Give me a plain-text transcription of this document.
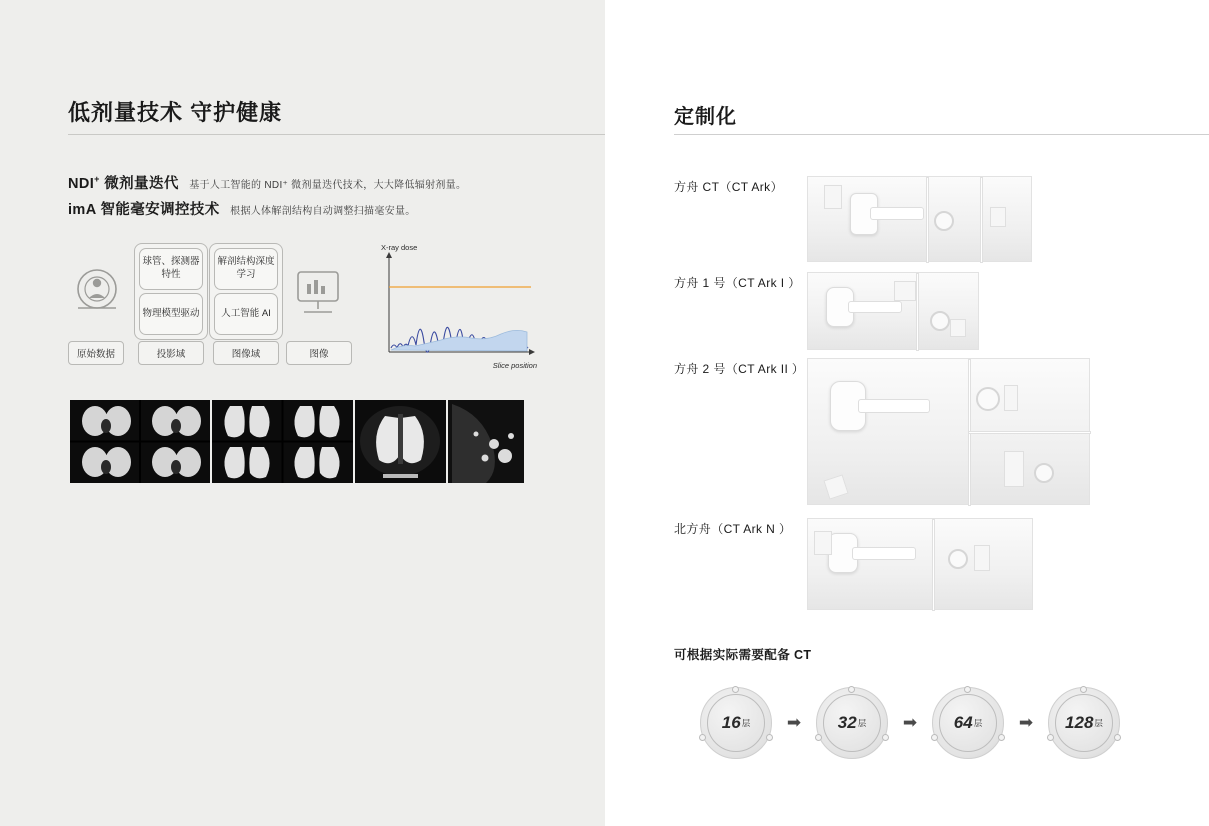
低剂量技术 守护健康
NDI+ 微剂量迭代 基于人工智能的 NDI⁺ 微剂量迭代技术，大大降低辐射剂量。
imA 智能毫安调控技术 根据人体解剖结构自动调整扫描毫安量。
球管、探测器特性
物理模型驱动
解剖结构深度学习
人工智能 AI
原始数据	投影域	图像域	图像
X-ray dose
Slice position
定制化
方舟 CT（CT Ark）
方舟 1 号（CT Ark I ）
方舟 2 号（CT Ark II ）
北方舟（CT Ark N ）
可根据实际需要配备 CT
16 层	➡	32 层	➡	64 层	➡	128 层
